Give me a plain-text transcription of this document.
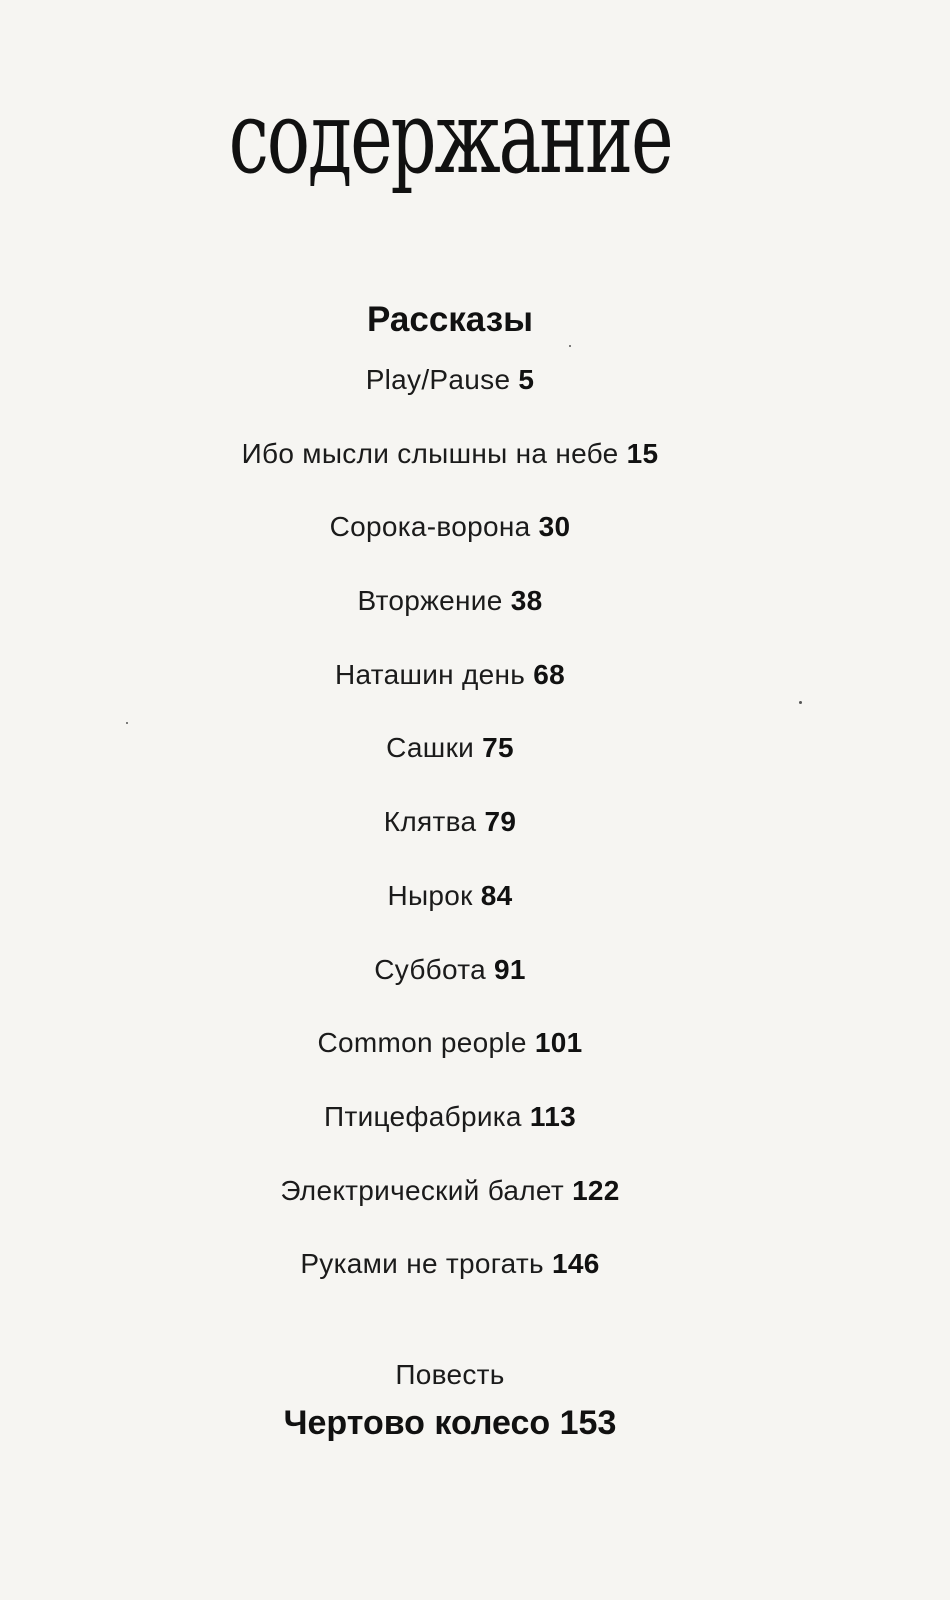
содержание
Рассказы
Play/Pause 5
Ибо мысли слышны на небе 15
Сорока-ворона 30
Вторжение 38
Наташин день 68
Сашки 75
Клятва 79
Нырок 84
Суббота 91
Common people 101
Птицефабрика 113
Электрический балет 122
Руками не трогать 146
Повесть
Чертово колесо 153
